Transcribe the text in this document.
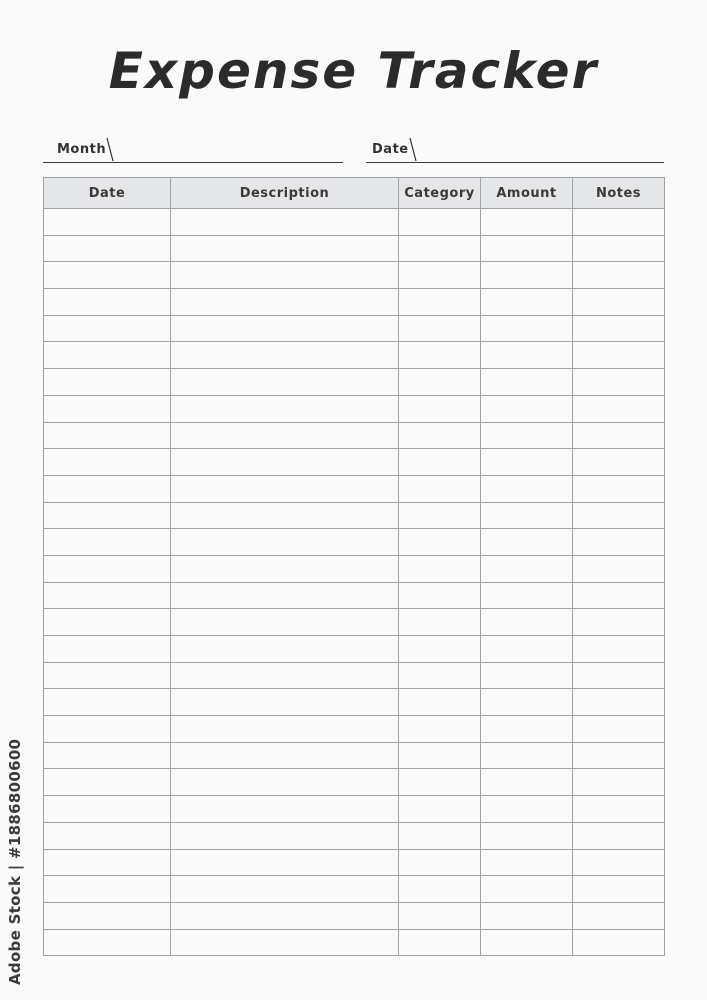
Expense Tracker
Month	Date
Date	Description	Category	Amount	Notes

Adobe Stock | #1886800600
